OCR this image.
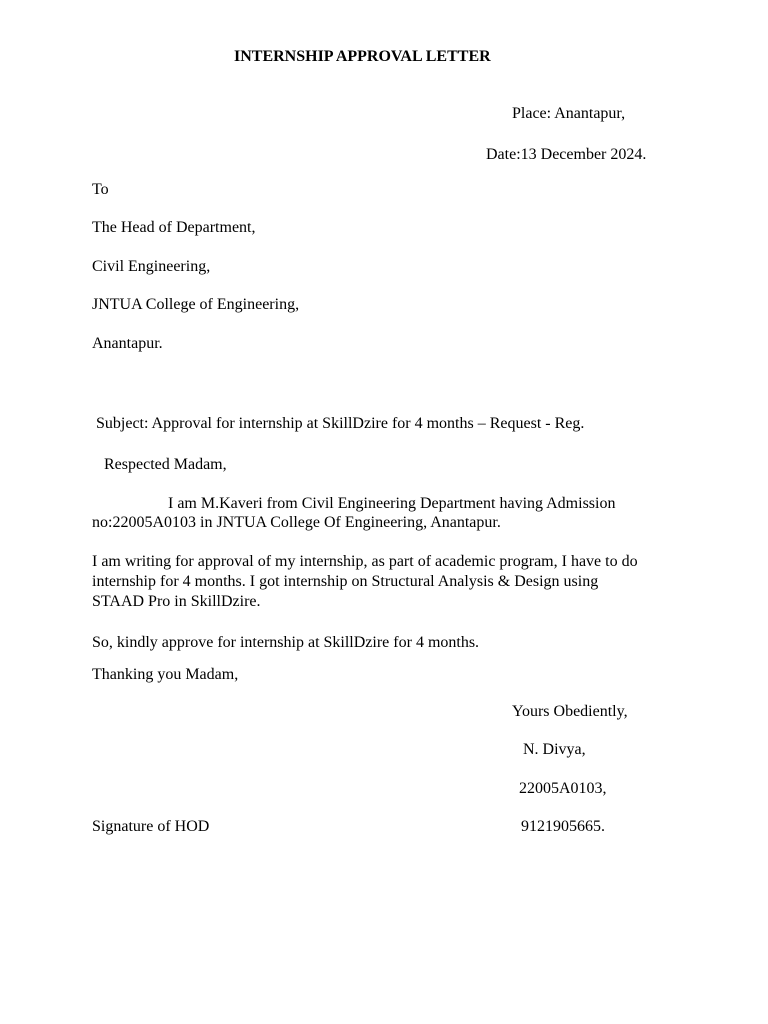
INTERNSHIP APPROVAL LETTER

Place: Anantapur,

Date:13 December 2024.

To

The Head of Department,

Civil Engineering,

JNTUA College of Engineering,

Anantapur.

Subject: Approval for internship at SkillDzire for 4 months – Request - Reg.

Respected Madam,

I am M.Kaveri from Civil Engineering Department having Admission

no:22005A0103 in JNTUA College Of Engineering, Anantapur.

I am writing for approval of my internship, as part of academic program, I have to do

internship for 4 months. I got internship on Structural Analysis & Design using

STAAD Pro in SkillDzire.

So, kindly approve for internship at SkillDzire for 4 months.

Thanking you Madam,

Yours Obediently,

N. Divya,

22005A0103,

9121905665.

Signature of HOD
